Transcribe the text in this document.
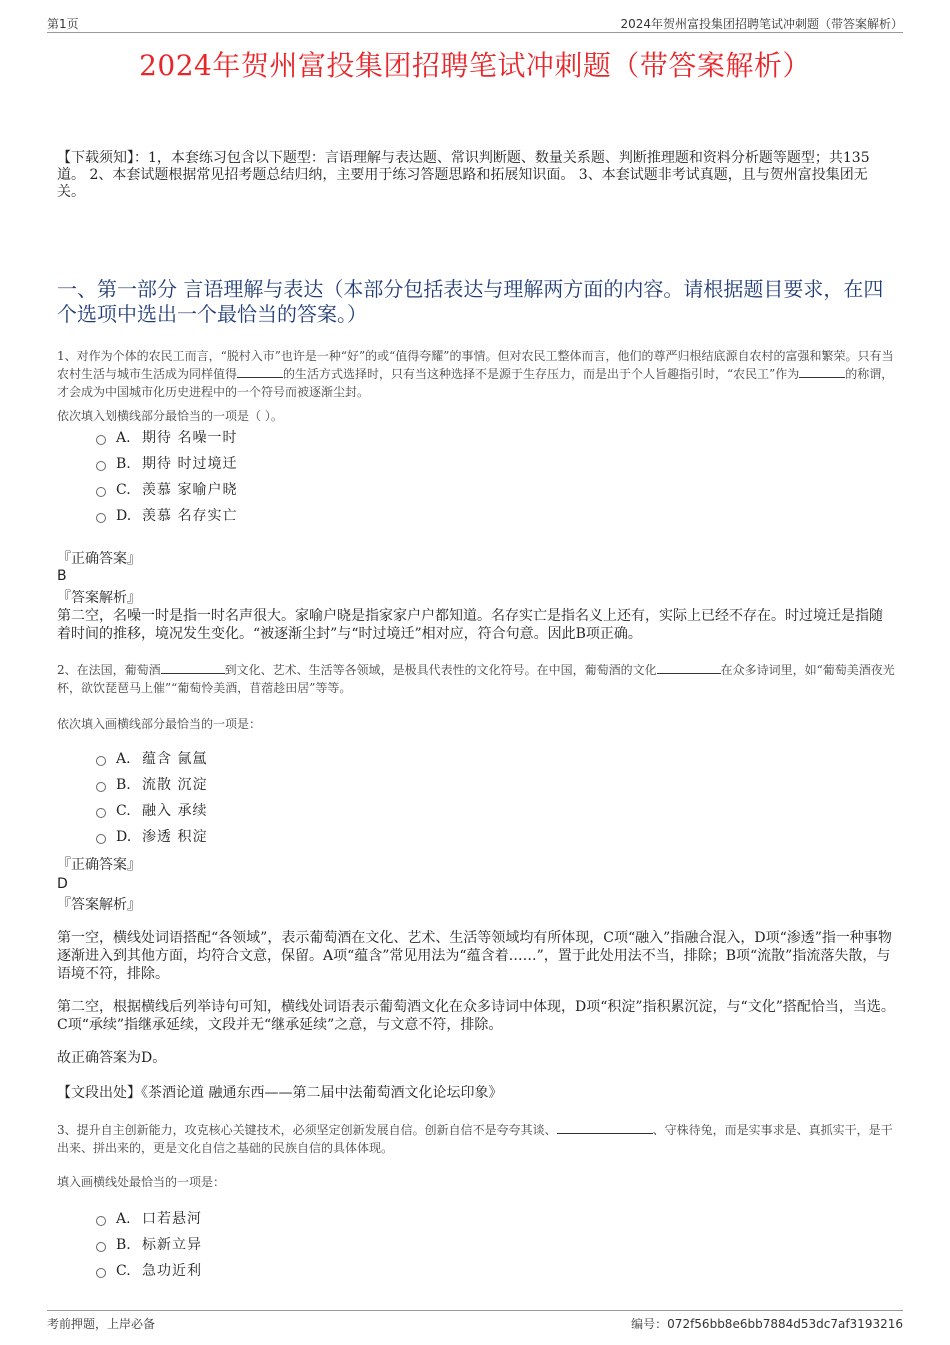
第1页	2024年贺州富投集团招聘笔试冲刺题（带答案解析）
2024年贺州富投集团招聘笔试冲刺题（带答案解析）
【下载须知】：1，本套练习包含以下题型：言语理解与表达题、常识判断题、数量关系题、判断推理题和资料分析题等题型；共135道。 2、本套试题根据常见招考题总结归纳，主要用于练习答题思路和拓展知识面。 3、本套试题非考试真题，且与贺州富投集团无关。
一、第一部分 言语理解与表达（本部分包括表达与理解两方面的内容。请根据题目要求，在四个选项中选出一个最恰当的答案。）
1、对作为个体的农民工而言，“脱村入市”也许是一种“好”的或“值得夸耀”的事情。但对农民工整体而言，他们的尊严归根结底源自农村的富强和繁荣。只有当农村生活与城市生活成为同样值得	的生活方式选择时，只有当这种选择不是源于生存压力，而是出于个人旨趣指引时，“农民工”作为	的称谓，才会成为中国城市化历史进程中的一个符号而被逐渐尘封。
依次填入划横线部分最恰当的一项是（ ）。
A. 期待 名噪一时
B. 期待 时过境迁
C. 羡慕 家喻户晓
D. 羡慕 名存实亡
『正确答案』
B
『答案解析』
第二空，名噪一时是指一时名声很大。家喻户晓是指家家户户都知道。名存实亡是指名义上还有，实际上已经不存在。时过境迁是指随着时间的推移，境况发生变化。“被逐渐尘封”与“时过境迁”相对应，符合句意。因此B项正确。
2、在法国，葡萄酒	到文化、艺术、生活等各领域，是极具代表性的文化符号。在中国，葡萄酒的文化	在众多诗词里，如“葡萄美酒夜光杯，欲饮琵琶马上催”“葡萄怜美酒，苜蓿趁田居”等等。
依次填入画横线部分最恰当的一项是：
A. 蕴含 氤氲
B. 流散 沉淀
C. 融入 承续
D. 渗透 积淀
『正确答案』
D
『答案解析』
第一空，横线处词语搭配“各领域”，表示葡萄酒在文化、艺术、生活等领域均有所体现，C项“融入”指融合混入，D项“渗透”指一种事物逐渐进入到其他方面，均符合文意，保留。A项“蕴含”常见用法为“蕴含着……”，置于此处用法不当，排除；B项“流散”指流落失散，与语境不符，排除。
第二空，根据横线后列举诗句可知，横线处词语表示葡萄酒文化在众多诗词中体现，D项“积淀”指积累沉淀，与“文化”搭配恰当，当选。C项“承续”指继承延续，文段并无“继承延续”之意，与文意不符，排除。
故正确答案为D。
【文段出处】《茶酒论道 融通东西——第二届中法葡萄酒文化论坛印象》
3、提升自主创新能力，攻克核心关键技术，必须坚定创新发展自信。创新自信不是夸夸其谈、	、守株待兔，而是实事求是、真抓实干，是干出来、拼出来的，更是文化自信之基础的民族自信的具体体现。
填入画横线处最恰当的一项是：
A. 口若悬河
B. 标新立异
C. 急功近利
考前押题，上岸必备	编号：072f56bb8e6bb7884d53dc7af3193216
